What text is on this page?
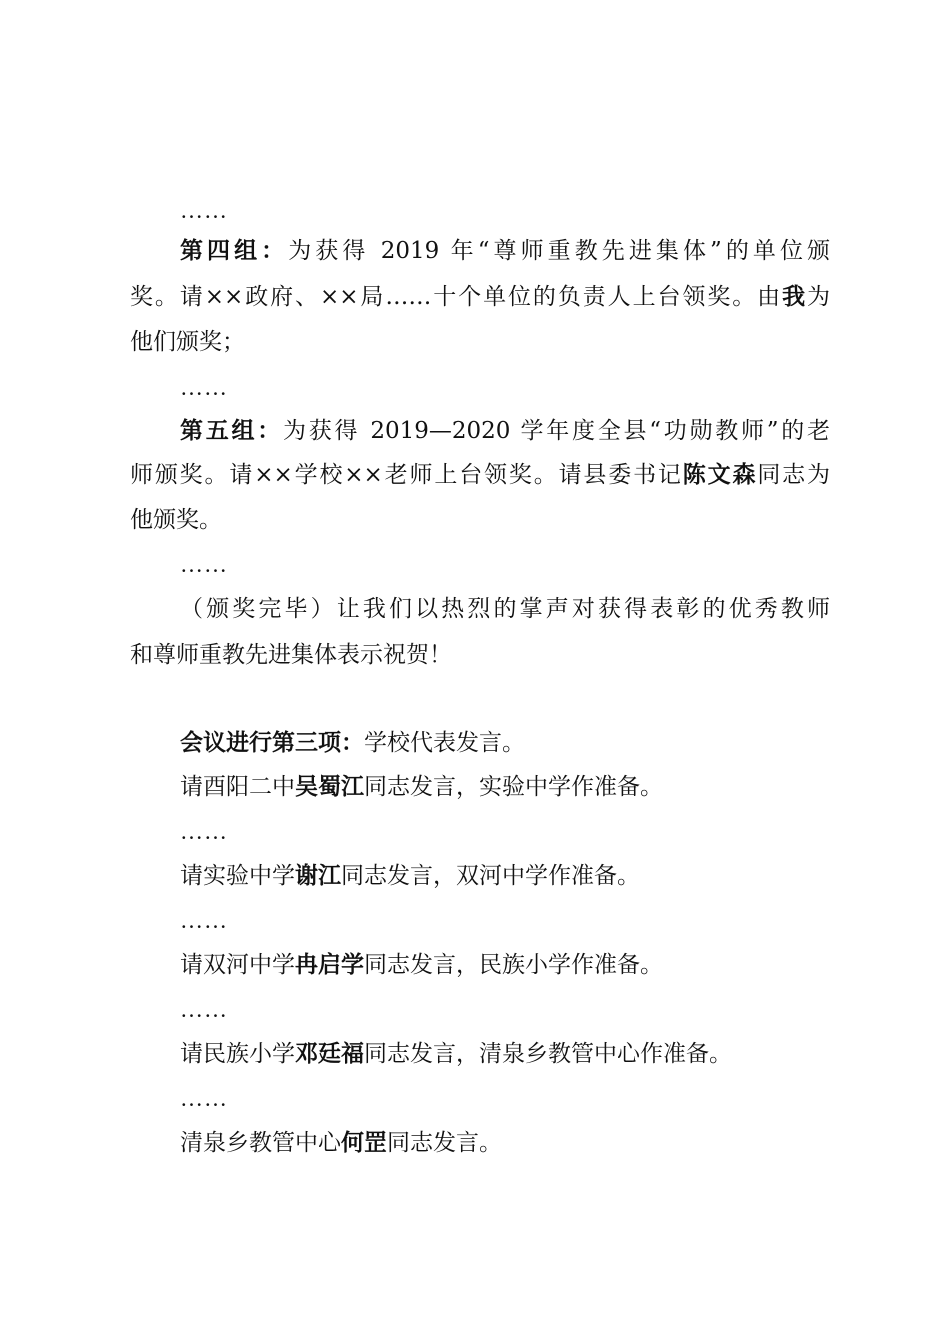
……
第四组：为获得 2019 年“尊师重教先进集体”的单位颁
奖。请××政府、××局……十个单位的负责人上台领奖。由我为
他们颁奖；
……
第五组：为获得 2019—2020 学年度全县“功勋教师”的老
师颁奖。请××学校××老师上台领奖。请县委书记陈文森同志为
他颁奖。
……
（颁奖完毕）让我们以热烈的掌声对获得表彰的优秀教师
和尊师重教先进集体表示祝贺！
会议进行第三项：学校代表发言。
请酉阳二中吴蜀江同志发言，实验中学作准备。
……
请实验中学谢江同志发言，双河中学作准备。
……
请双河中学冉启学同志发言，民族小学作准备。
……
请民族小学邓廷福同志发言，清泉乡教管中心作准备。
……
清泉乡教管中心何罡同志发言。
